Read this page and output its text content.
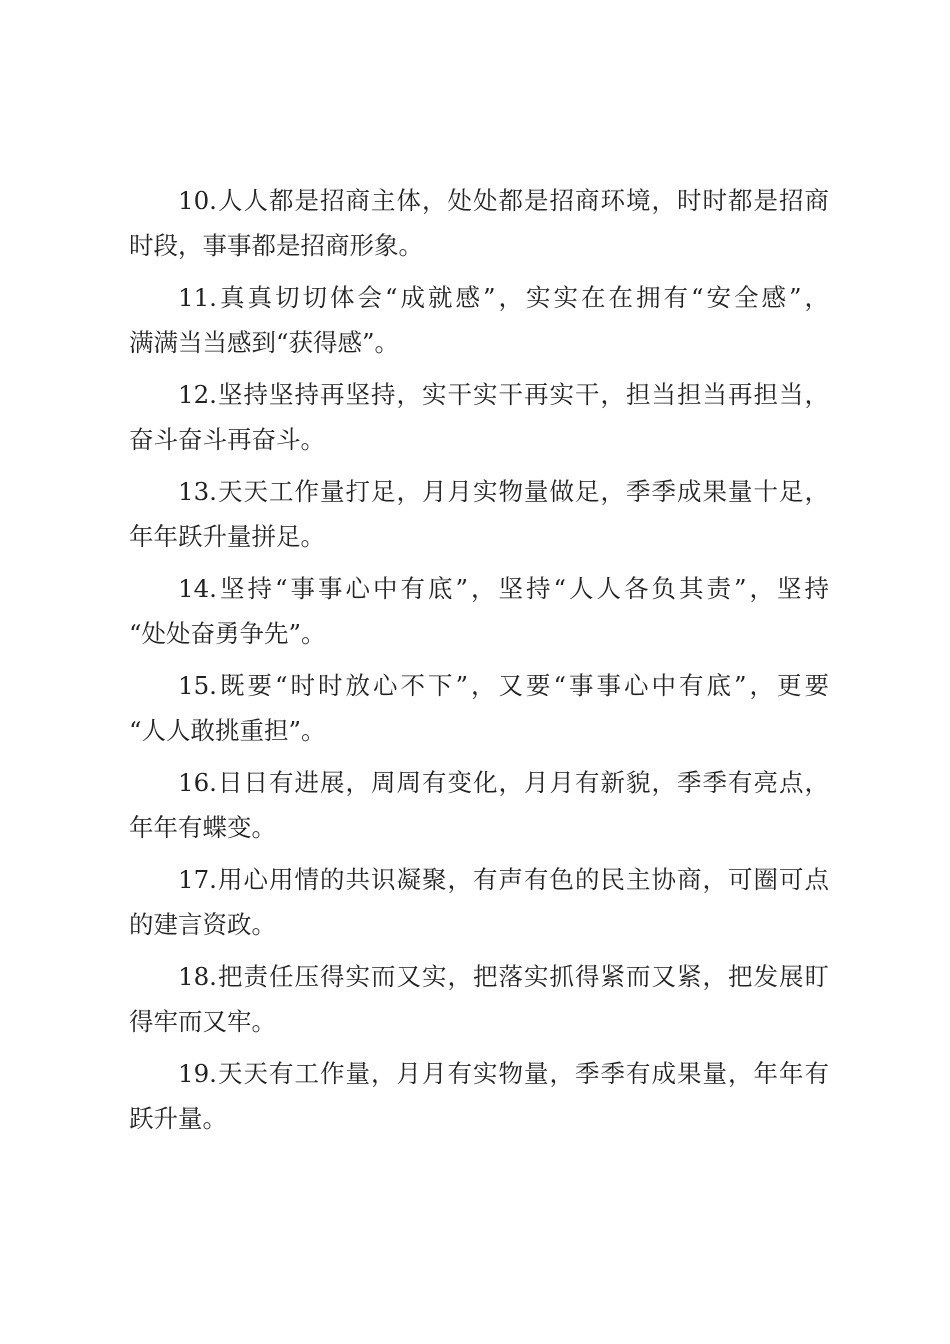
10.人人都是招商主体，处处都是招商环境，时时都是招商
时段，事事都是招商形象。
11.真真切切体会“成就感”，实实在在拥有“安全感”，
满满当当感到“获得感”。
12.坚持坚持再坚持，实干实干再实干，担当担当再担当，
奋斗奋斗再奋斗。
13.天天工作量打足，月月实物量做足，季季成果量十足，
年年跃升量拼足。
14.坚持“事事心中有底”，坚持“人人各负其责”，坚持
“处处奋勇争先”。
15.既要“时时放心不下”，又要“事事心中有底”，更要
“人人敢挑重担”。
16.日日有进展，周周有变化，月月有新貌，季季有亮点，
年年有蝶变。
17.用心用情的共识凝聚，有声有色的民主协商，可圈可点
的建言资政。
18.把责任压得实而又实，把落实抓得紧而又紧，把发展盯
得牢而又牢。
19.天天有工作量，月月有实物量，季季有成果量，年年有
跃升量。
